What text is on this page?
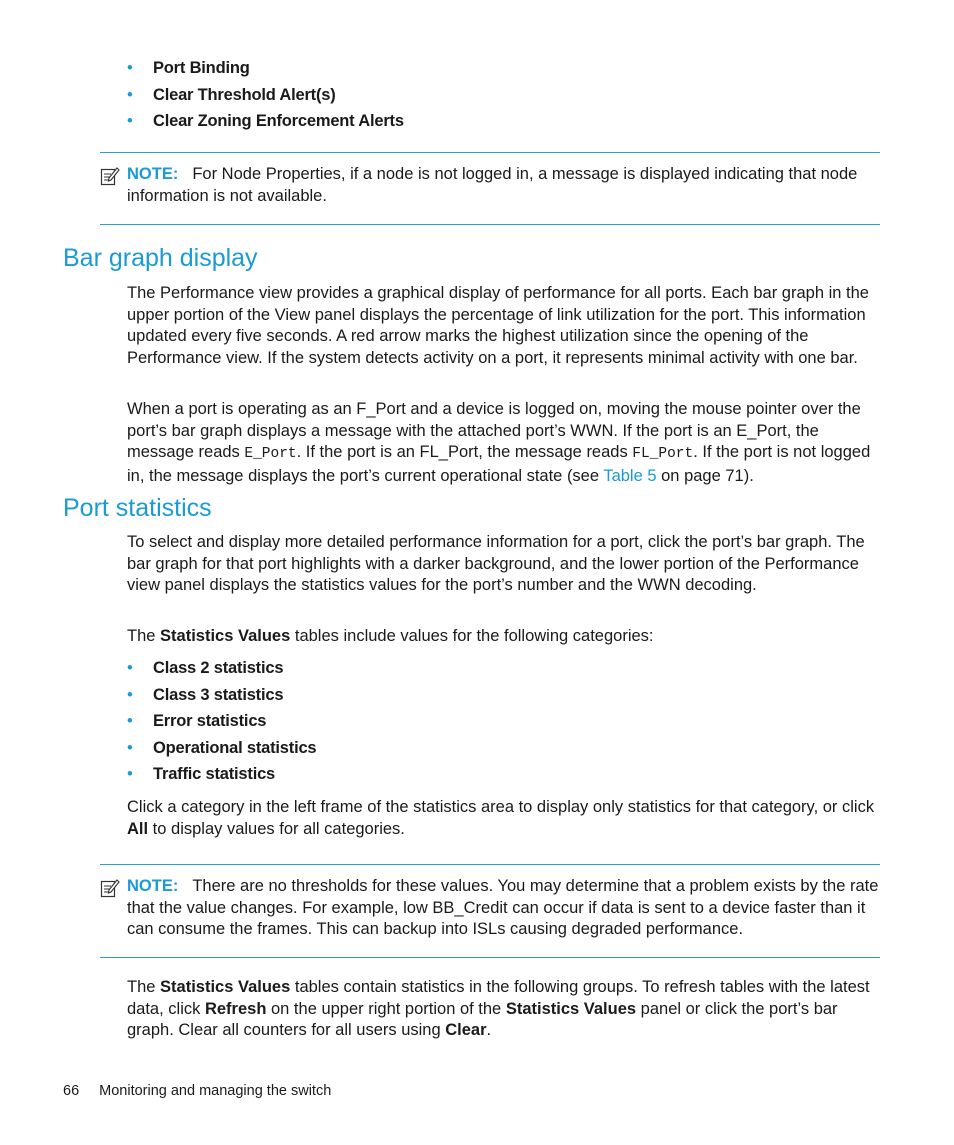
• Port Binding
• Clear Threshold Alert(s)
• Clear Zoning Enforcement Alerts
NOTE: For Node Properties, if a node is not logged in, a message is displayed indicating that node information is not available.
Bar graph display

The Performance view provides a graphical display of performance for all ports. Each bar graph in the upper portion of the View panel displays the percentage of link utilization for the port. This information updated every five seconds. A red arrow marks the highest utilization since the opening of the Performance view. If the system detects activity on a port, it represents minimal activity with one bar.

When a port is operating as an F_Port and a device is logged on, moving the mouse pointer over the port’s bar graph displays a message with the attached port’s WWN. If the port is an E_Port, the message reads E_Port. If the port is an FL_Port, the message reads FL_Port. If the port is not logged in, the message displays the port’s current operational state (see Table 5 on page 71).

Port statistics

To select and display more detailed performance information for a port, click the port’s bar graph. The bar graph for that port highlights with a darker background, and the lower portion of the Performance view panel displays the statistics values for the port’s number and the WWN decoding.

The Statistics Values tables include values for the following categories:

• Class 2 statistics
• Class 3 statistics
• Error statistics
• Operational statistics
• Traffic statistics

Click a category in the left frame of the statistics area to display only statistics for that category, or click All to display values for all categories.

NOTE: There are no thresholds for these values. You may determine that a problem exists by the rate that the value changes. For example, low BB_Credit can occur if data is sent to a device faster than it can consume the frames. This can backup into ISLs causing degraded performance.

The Statistics Values tables contain statistics in the following groups. To refresh tables with the latest data, click Refresh on the upper right portion of the Statistics Values panel or click the port’s bar graph. Clear all counters for all users using Clear.

66 Monitoring and managing the switch
